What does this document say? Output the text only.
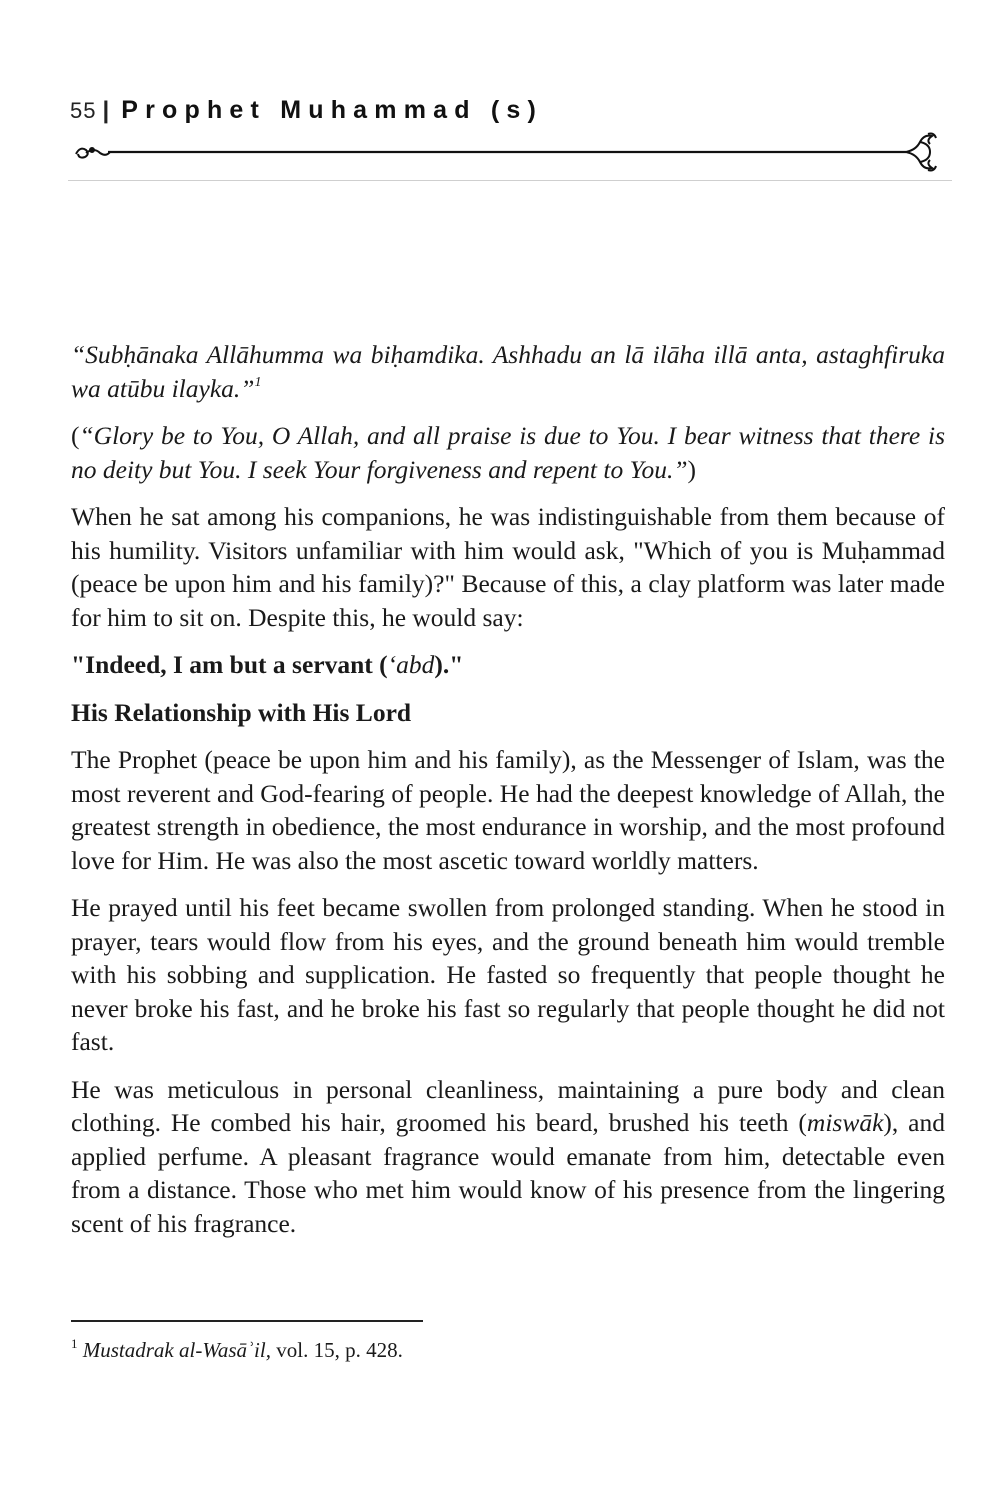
55 | Prophet Muhammad (s)

“Subḥānaka Allāhumma wa biḥamdika. Ashhadu an lā ilāha illā anta, astaghfiruka wa atūbu ilayka.”$^1$

(“Glory be to You, O Allah, and all praise is due to You. I bear witness that there is no deity but You. I seek Your forgiveness and repent to You.”)

When he sat among his companions, he was indistinguishable from them because of his humility. Visitors unfamiliar with him would ask, "Which of you is Muḥammad (peace be upon him and his family)?" Because of this, a clay platform was later made for him to sit on. Despite this, he would say:

"Indeed, I am but a servant (‘abd)."

His Relationship with His Lord

The Prophet (peace be upon him and his family), as the Messenger of Islam, was the most reverent and God-fearing of people. He had the deepest knowledge of Allah, the greatest strength in obedience, the most endurance in worship, and the most profound love for Him. He was also the most ascetic toward worldly matters.

He prayed until his feet became swollen from prolonged standing. When he stood in prayer, tears would flow from his eyes, and the ground beneath him would tremble with his sobbing and supplication. He fasted so frequently that people thought he never broke his fast, and he broke his fast so regularly that people thought he did not fast.

He was meticulous in personal cleanliness, maintaining a pure body and clean clothing. He combed his hair, groomed his beard, brushed his teeth (miswāk), and applied perfume. A pleasant fragrance would emanate from him, detectable even from a distance. Those who met him would know of his presence from the lingering scent of his fragrance.

$^1$ Mustadrak al-Wasāʾil, vol. 15, p. 428.
